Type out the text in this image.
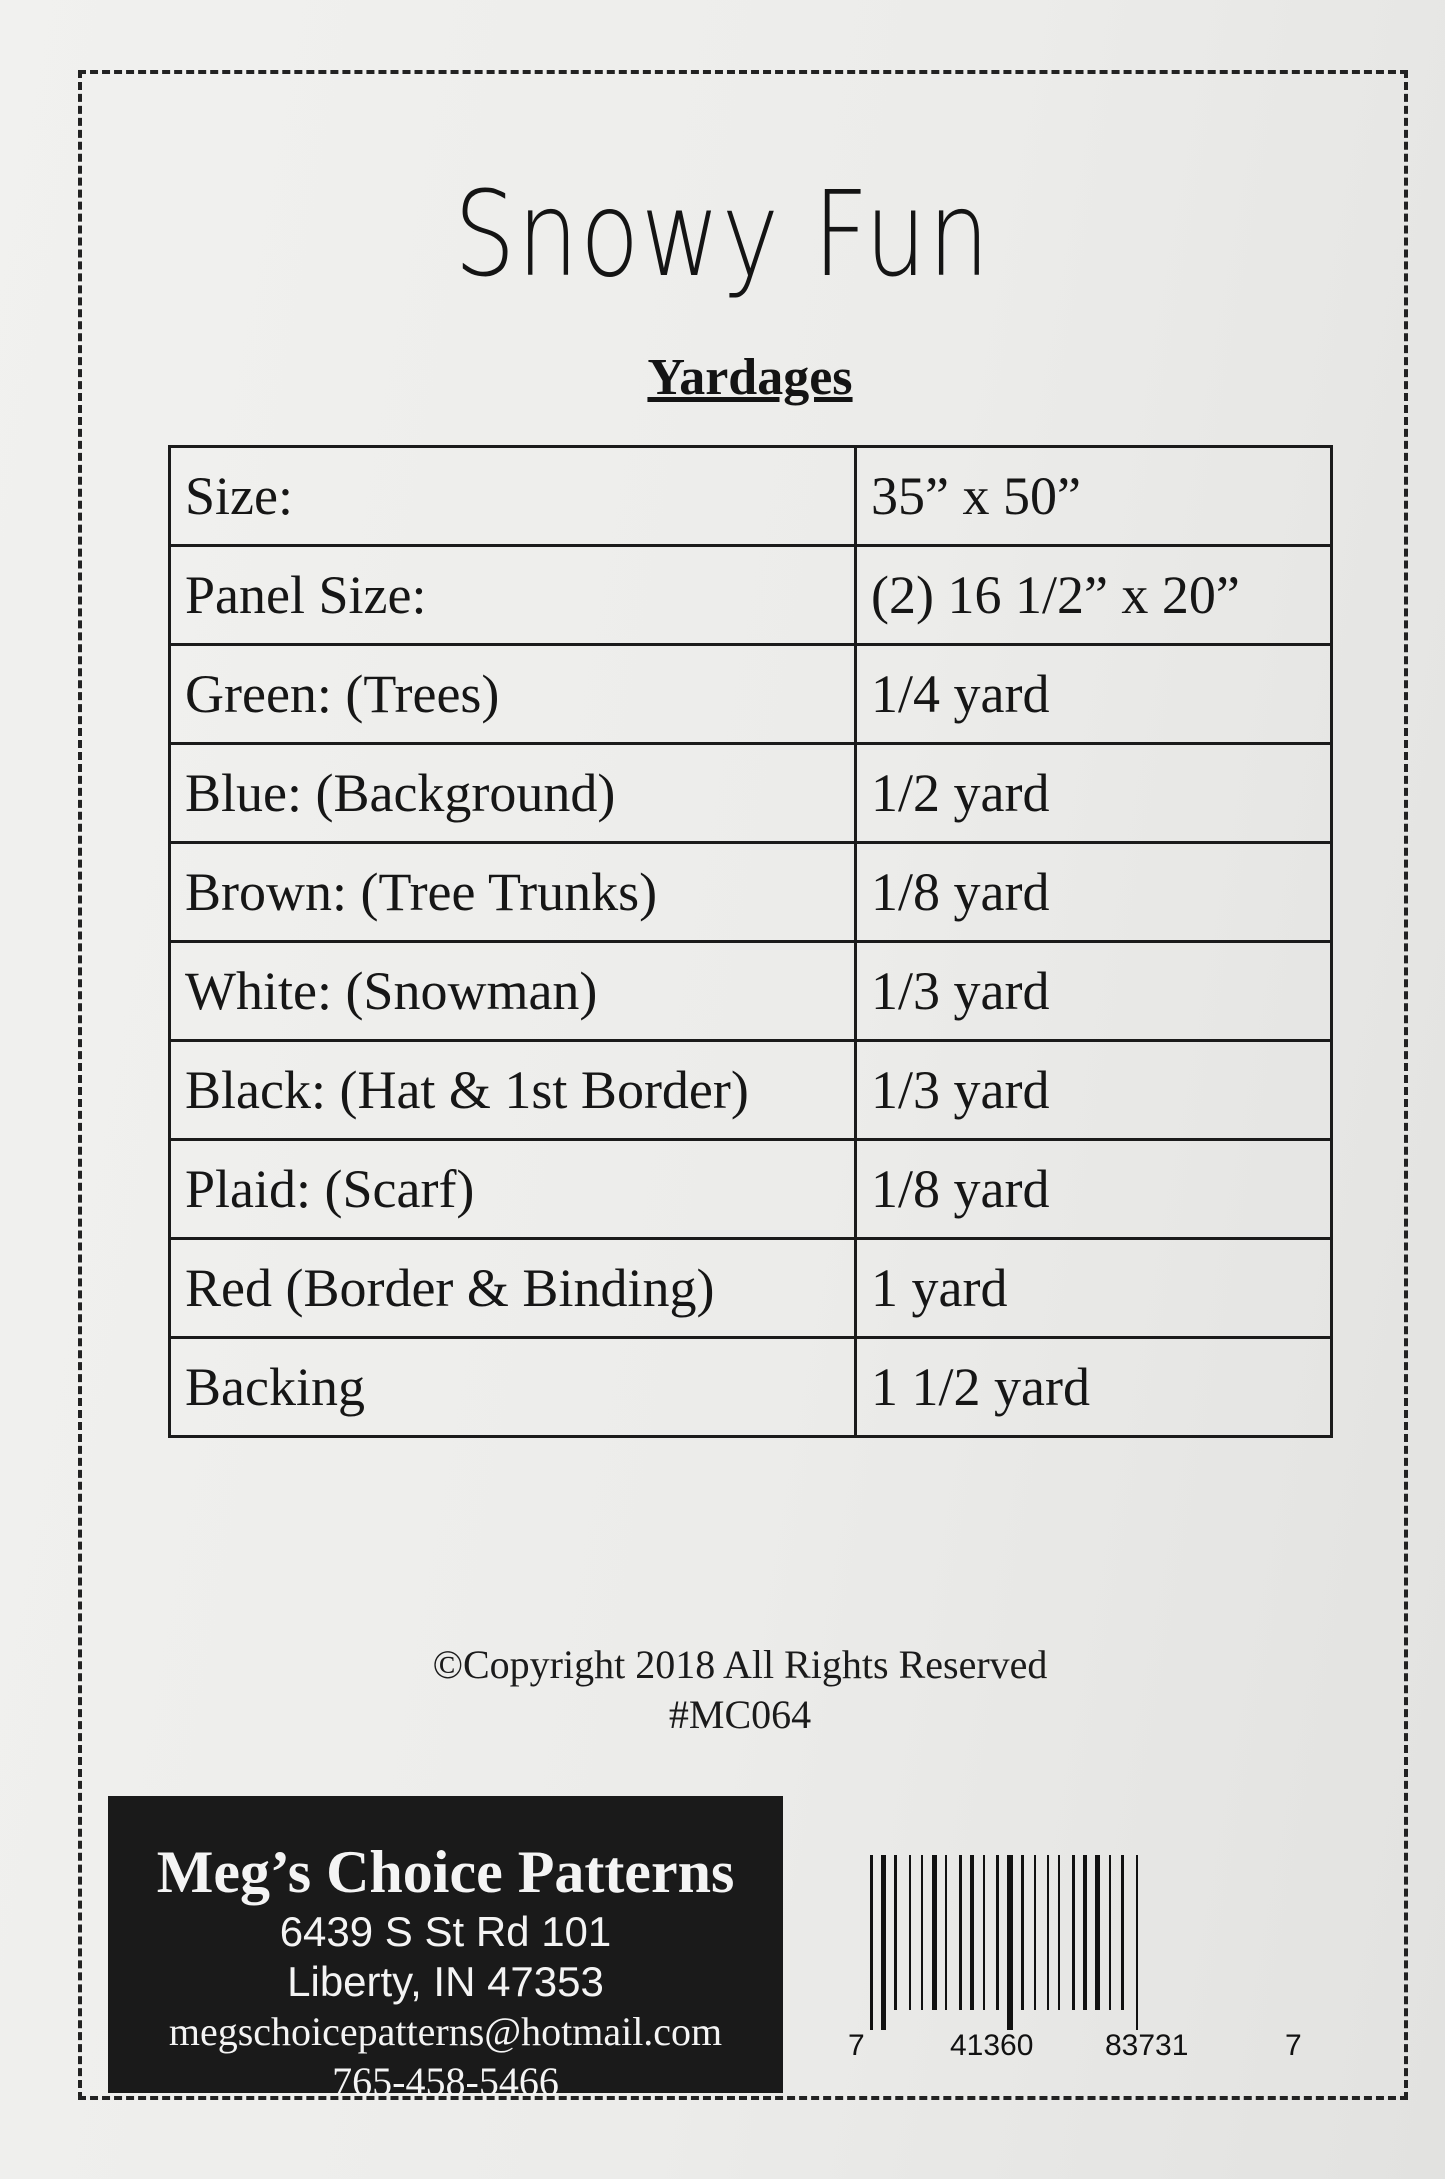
Snowy Fun
Yardages
Size:	35” x 50”
Panel Size:	(2) 16 1/2” x 20”
Green: (Trees)	1/4 yard
Blue: (Background)	1/2 yard
Brown: (Tree Trunks)	1/8 yard
White: (Snowman)	1/3 yard
Black: (Hat & 1st Border)	1/3 yard
Plaid: (Scarf)	1/8 yard
Red (Border & Binding)	1 yard
Backing	1 1/2 yard
©Copyright 2018 All Rights Reserved
#MC064
Meg’s Choice Patterns
6439 S St Rd 101
Liberty, IN 47353
megschoicepatterns@hotmail.com
765-458-5466
7	41360 83731	7
